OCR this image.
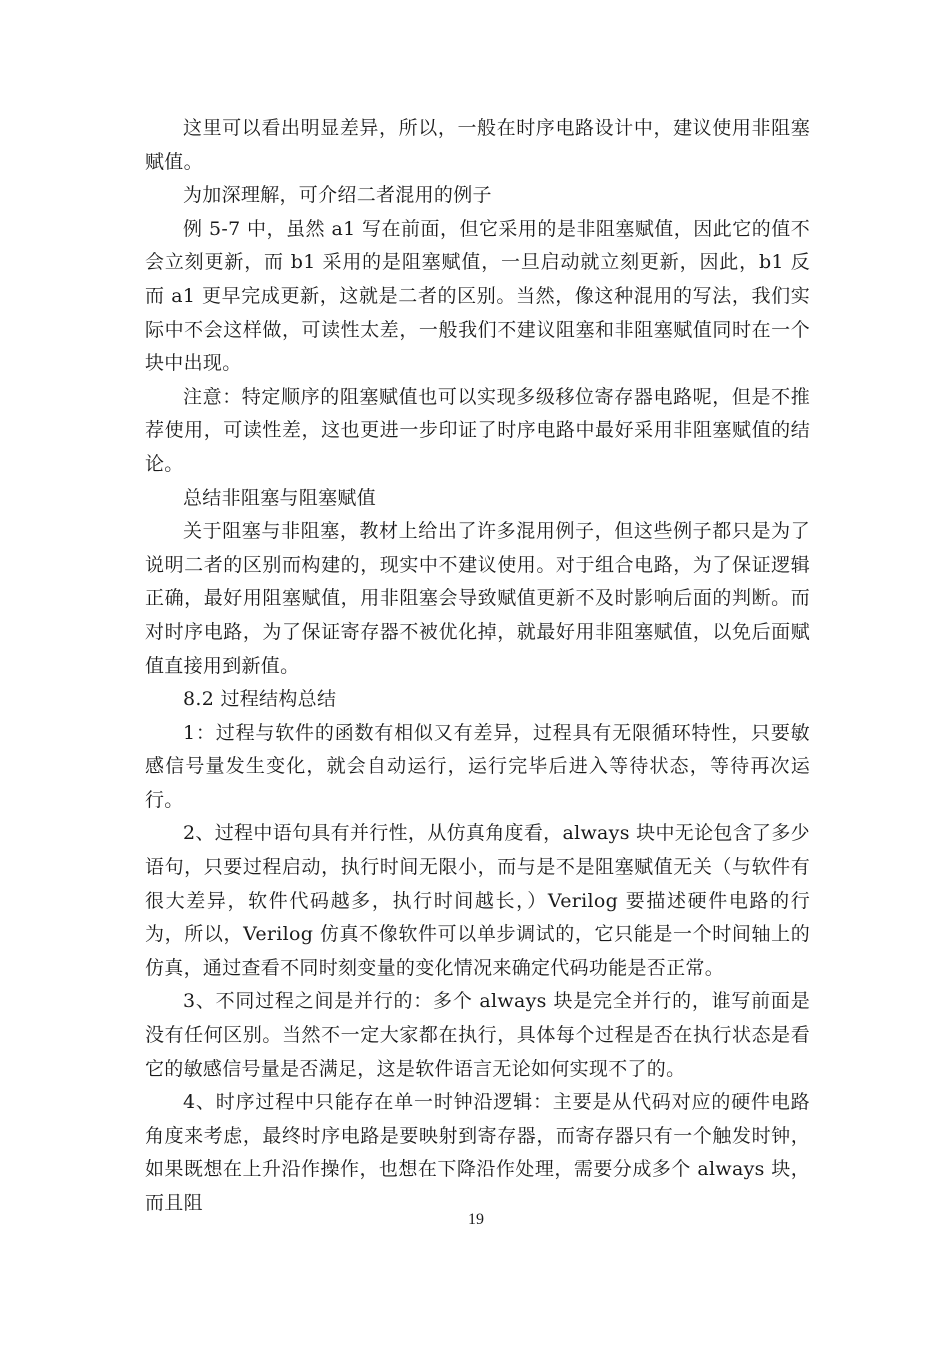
这里可以看出明显差异，所以，一般在时序电路设计中，建议使用非阻塞赋值。

为加深理解，可介绍二者混用的例子

例 5-7 中，虽然 a1 写在前面，但它采用的是非阻塞赋值，因此它的值不会立刻更新，而 b1 采用的是阻塞赋值，一旦启动就立刻更新，因此，b1 反而 a1 更早完成更新，这就是二者的区别。当然，像这种混用的写法，我们实际中不会这样做，可读性太差，一般我们不建议阻塞和非阻塞赋值同时在一个块中出现。

注意：特定顺序的阻塞赋值也可以实现多级移位寄存器电路呢，但是不推荐使用，可读性差，这也更进一步印证了时序电路中最好采用非阻塞赋值的结论。

总结非阻塞与阻塞赋值

关于阻塞与非阻塞，教材上给出了许多混用例子，但这些例子都只是为了说明二者的区别而构建的，现实中不建议使用。对于组合电路，为了保证逻辑正确，最好用阻塞赋值，用非阻塞会导致赋值更新不及时影响后面的判断。而对时序电路，为了保证寄存器不被优化掉，就最好用非阻塞赋值，以免后面赋值直接用到新值。

8.2 过程结构总结

1：过程与软件的函数有相似又有差异，过程具有无限循环特性，只要敏感信号量发生变化，就会自动运行，运行完毕后进入等待状态，等待再次运行。

2、过程中语句具有并行性，从仿真角度看，always 块中无论包含了多少语句，只要过程启动，执行时间无限小，而与是不是阻塞赋值无关（与软件有很大差异，软件代码越多，执行时间越长，）Verilog 要描述硬件电路的行为，所以，Verilog 仿真不像软件可以单步调试的，它只能是一个时间轴上的仿真，通过查看不同时刻变量的变化情况来确定代码功能是否正常。

3、不同过程之间是并行的：多个 always 块是完全并行的，谁写前面是没有任何区别。当然不一定大家都在执行，具体每个过程是否在执行状态是看它的敏感信号量是否满足，这是软件语言无论如何实现不了的。

4、时序过程中只能存在单一时钟沿逻辑：主要是从代码对应的硬件电路角度来考虑，最终时序电路是要映射到寄存器，而寄存器只有一个触发时钟，如果既想在上升沿作操作，也想在下降沿作处理，需要分成多个 always 块，而且阻

19
